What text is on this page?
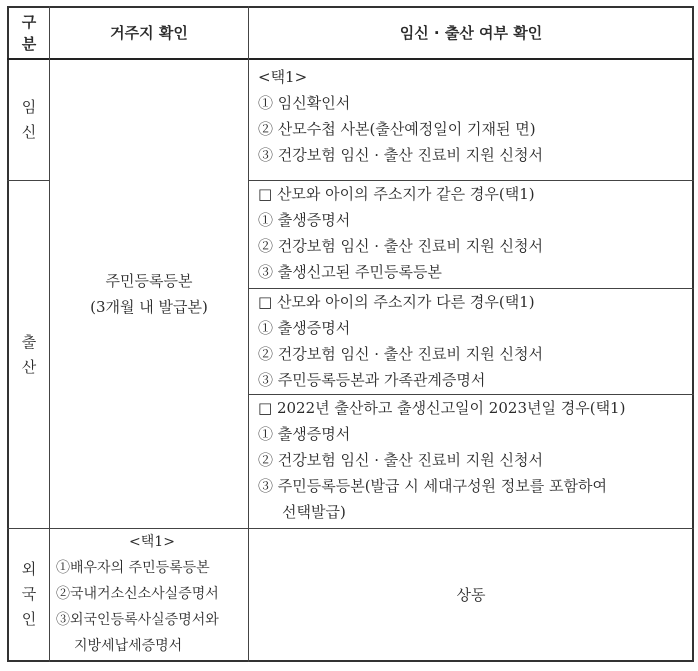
구
분
거주지 확인	임신 · 출산 여부 확인
임
신
<택1>
① 임신확인서
② 산모수첩 사본(출산예정일이 기재된 면)
③ 건강보험 임신 · 출산 진료비 지원 신청서
주민등록등본
(3개월 내 발급본)
출
산
□ 산모와 아이의 주소지가 같은 경우(택1)
① 출생증명서
② 건강보험 임신 · 출산 진료비 지원 신청서
③ 출생신고된 주민등록등본
□ 산모와 아이의 주소지가 다른 경우(택1)
① 출생증명서
② 건강보험 임신 · 출산 진료비 지원 신청서
③ 주민등록등본과 가족관계증명서
□ 2022년 출산하고 출생신고일이 2023년일 경우(택1)
① 출생증명서
② 건강보험 임신 · 출산 진료비 지원 신청서
③ 주민등록등본(발급 시 세대구성원 정보를 포함하여
선택발급)
외
국
인
<택1>
①배우자의 주민등록등본
②국내거소신소사실증명서
③외국인등록사실증명서와
지방세납세증명서
상동
